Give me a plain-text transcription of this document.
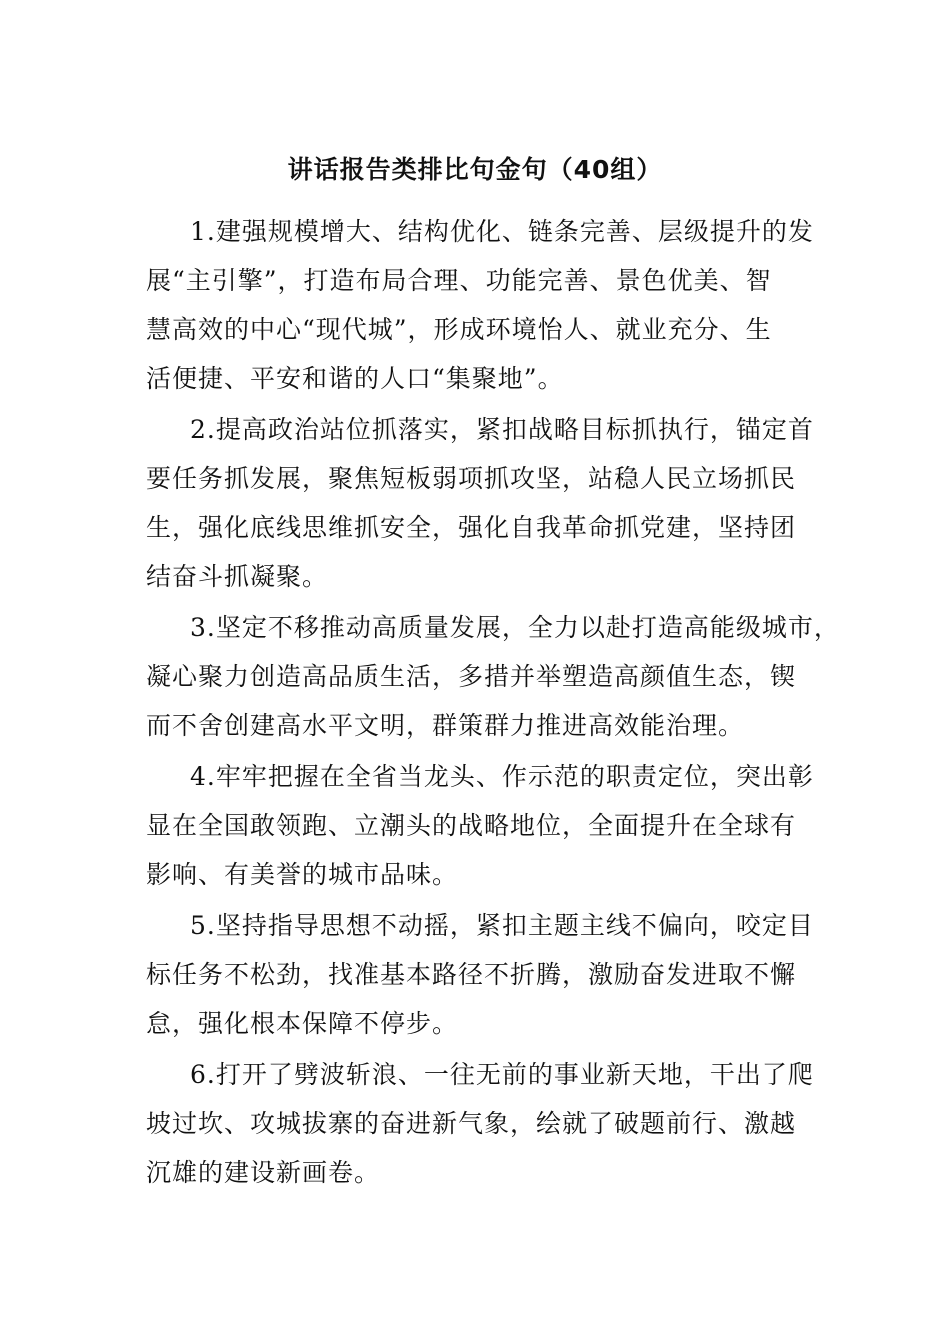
讲话报告类排比句金句（40组）
1.建强规模增大、结构优化、链条完善、层级提升的发
展“主引擎”，打造布局合理、功能完善、景色优美、智
慧高效的中心“现代城”，形成环境怡人、就业充分、生
活便捷、平安和谐的人口“集聚地”。
2.提高政治站位抓落实，紧扣战略目标抓执行，锚定首
要任务抓发展，聚焦短板弱项抓攻坚，站稳人民立场抓民
生，强化底线思维抓安全，强化自我革命抓党建，坚持团
结奋斗抓凝聚。
3.坚定不移推动高质量发展，全力以赴打造高能级城市，
凝心聚力创造高品质生活，多措并举塑造高颜值生态，锲
而不舍创建高水平文明，群策群力推进高效能治理。
4.牢牢把握在全省当龙头、作示范的职责定位，突出彰
显在全国敢领跑、立潮头的战略地位，全面提升在全球有
影响、有美誉的城市品味。
5.坚持指导思想不动摇，紧扣主题主线不偏向，咬定目
标任务不松劲，找准基本路径不折腾，激励奋发进取不懈
怠，强化根本保障不停步。
6.打开了劈波斩浪、一往无前的事业新天地，干出了爬
坡过坎、攻城拔寨的奋进新气象，绘就了破题前行、激越
沉雄的建设新画卷。
